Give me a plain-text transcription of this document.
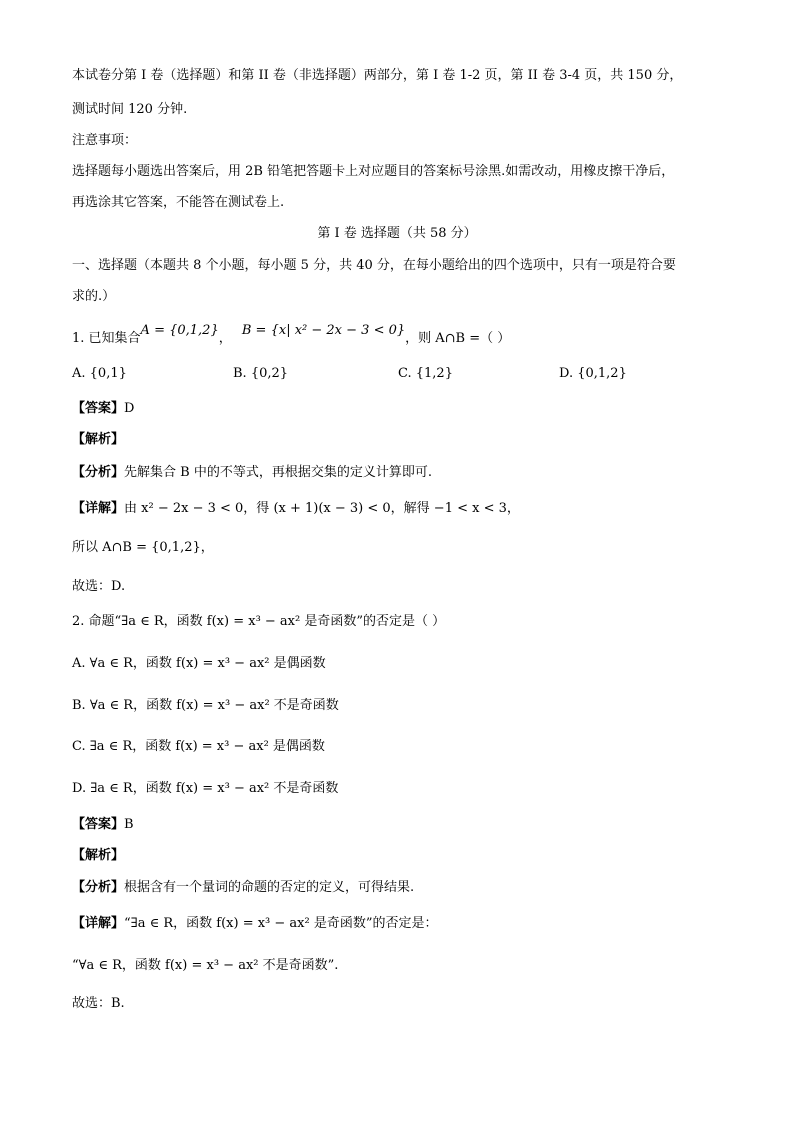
本试卷分第 I 卷（选择题）和第 II 卷（非选择题）两部分，第 I 卷 1-2 页，第 II 卷 3-4 页，共 150 分，
测试时间 120 分钟.
注意事项：
选择题每小题选出答案后，用 2B 铅笔把答题卡上对应题目的答案标号涂黑.如需改动，用橡皮擦干净后，
再选涂其它答案，不能答在测试卷上.
第 I 卷 选择题（共 58 分）
一、选择题（本题共 8 个小题，每小题 5 分，共 40 分，在每小题给出的四个选项中，只有一项是符合要
求的.）
1. 已知集合A = {0,1,2}， B = {x| x² − 2x − 3 < 0}，则 A∩B =（ ）
A. {0,1}	B. {0,2}	C. {1,2}	D. {0,1,2}
【答案】D
【解析】
【分析】先解集合 B 中的不等式，再根据交集的定义计算即可.
【详解】由 x² − 2x − 3 < 0，得 (x + 1)(x − 3) < 0，解得 −1 < x < 3，
所以 A∩B = {0,1,2}，
故选：D.
2. 命题“∃a ∈ R，函数 f(x) = x³ − ax² 是奇函数”的否定是（ ）
A. ∀a ∈ R，函数 f(x) = x³ − ax² 是偶函数
B. ∀a ∈ R，函数 f(x) = x³ − ax² 不是奇函数
C. ∃a ∈ R，函数 f(x) = x³ − ax² 是偶函数
D. ∃a ∈ R，函数 f(x) = x³ − ax² 不是奇函数
【答案】B
【解析】
【分析】根据含有一个量词的命题的否定的定义，可得结果.
【详解】“∃a ∈ R，函数 f(x) = x³ − ax² 是奇函数”的否定是：
“∀a ∈ R，函数 f(x) = x³ − ax² 不是奇函数”.
故选：B.
